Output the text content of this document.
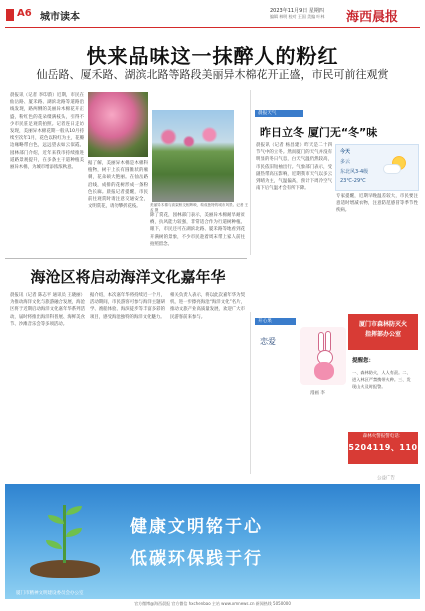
A6 城市读本
2023年11月9日 星期四
编辑 林明 校对 王国 美编 叶林 海西晨报
快来品味这一抹醉人的粉红
仙岳路、厦禾路、湖滨北路等路段美丽异木棉花开正盛，市民可前往观赏
晨报讯（记者 李印韵）近期，市民在仙岳路、厦禾路、湖滨北路等道路沿线发现，路两侧的美丽异木棉花开正盛，粉红色的花朵缀满枝头，引得不少市民驻足观赏拍照。记者连日走访发现，美丽异木棉花期一般从10月持续至次年1月，花色以粉红为主，花瓣边缘略带白色，远远望去如云似霞。园林部门介绍，近年来我市持续推进道路景观提升，在多条主干道种植美丽异木棉，为城市增添浓浓秋意。
据了解，美丽异木棉是木棉科植物，树干上长有圆锥状的瘤刺，花朵硕大艳丽。在仙岳路沿线，成排的花树形成一条粉色长廊。晨报记者提醒，市民前往观赏时请注意交通安全，文明赏花，请勿攀折花枝。	美丽异木棉与高架桥交相辉映，构成独特的城市风景。记者 王孟 摄
除了赏花，园林部门表示，美丽异木棉耐旱耐贫瘠，抗风能力较强，非常适合作为行道树种植。眼下，市民还可在湖滨北路、厦禾路等地看到花开满树的景象，不少市民趁着周末带上家人前往拍照留念。
晨报天气
昨日立冬 厦门无“冬”味
晨报讯（记者 杨昌建）昨天是二十四节气中的立冬。然而厦门的天气并没有明显的冬日气息，白天气温仍然较高，市民依旧短袖出行。气象部门表示，受副热带高压影响，近期我市天气以多云到晴为主，气温偏高，预计下周冷空气南下后气温才会有所下降。
今天
多云
东北风3-4级
23℃-29℃
专家提醒，近期早晚温差较大，市民要注意适时增减衣物，注意防范感冒等季节性疾病。
海沧区将启动海洋文化嘉年华
晨报讯（记者 陈志平 通讯员 王晓丽）为推动海洋文化与旅游融合发展，海沧区将于近期启动海洋文化嘉年华系列活动，届时将推出海洋科普展、海鲜美食节、沙滩音乐会等多项活动。
据介绍，本次嘉年华将持续近一个月，活动期间，市民游客可参与海洋主题研学、渔船体验、海滨徒步等丰富多彩的项目，感受海沧独特的海洋文化魅力。
相关负责人表示，将以此次嘉年华为契机，进一步擦亮海沧“海洋文化”名片，推动文旅产业高质量发展，欢迎广大市民游客前来参与。
开心果
恋爱
漫画 李
厦门市森林防灭火
指挥部办公室
提醒您：
一、森林防火，人人有责。二、进入林区严禁携带火种。三、发现山火及时报警。
森林火警报警电话：
5204119、110
公益广告
健康文明铭于心
低碳环保践于行
厦门市精神文明建设委员会办公室
官方微博@海西晨报 官方微信 hxchenbao 主站 www.xmnews.cn 新闻热线 5050000
